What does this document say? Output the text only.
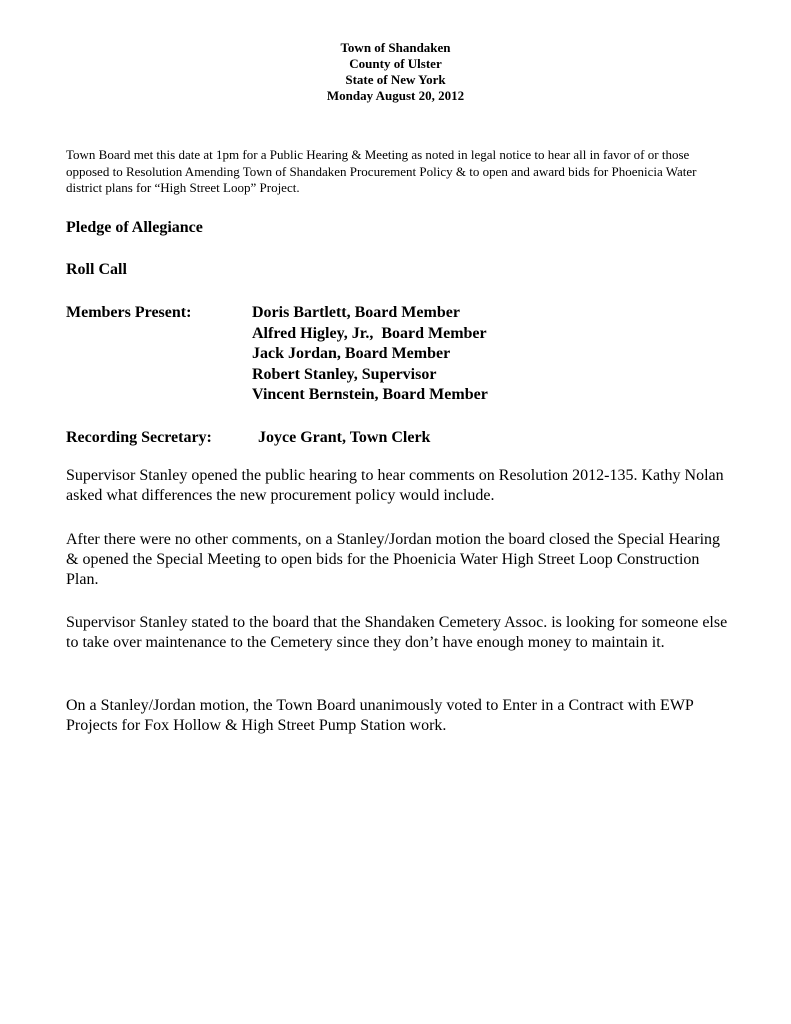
Town of Shandaken
County of Ulster
State of New York
Monday August 20, 2012
Town Board met this date at 1pm for a Public Hearing & Meeting as noted in legal notice to hear all in favor of or those opposed to Resolution Amending Town of Shandaken Procurement Policy & to open and award bids for Phoenicia Water district plans for “High Street Loop” Project.
Pledge of Allegiance
Roll Call
Members Present:	Doris Bartlett, Board Member
Alfred Higley, Jr.,  Board Member
Jack Jordan, Board Member
Robert Stanley, Supervisor
Vincent Bernstein, Board Member
Recording Secretary:	Joyce Grant, Town Clerk
Supervisor Stanley opened the public hearing to hear comments on Resolution 2012-135. Kathy Nolan asked what differences the new procurement policy would include.
After there were no other comments, on a Stanley/Jordan motion the board closed the Special Hearing & opened the Special Meeting to open bids for the Phoenicia Water High Street Loop Construction Plan.
Supervisor Stanley stated to the board that the Shandaken Cemetery Assoc. is looking for someone else to take over maintenance to the Cemetery since they don’t have enough money to maintain it.
On a Stanley/Jordan motion, the Town Board unanimously voted to Enter in a Contract with EWP Projects for Fox Hollow & High Street Pump Station work.
